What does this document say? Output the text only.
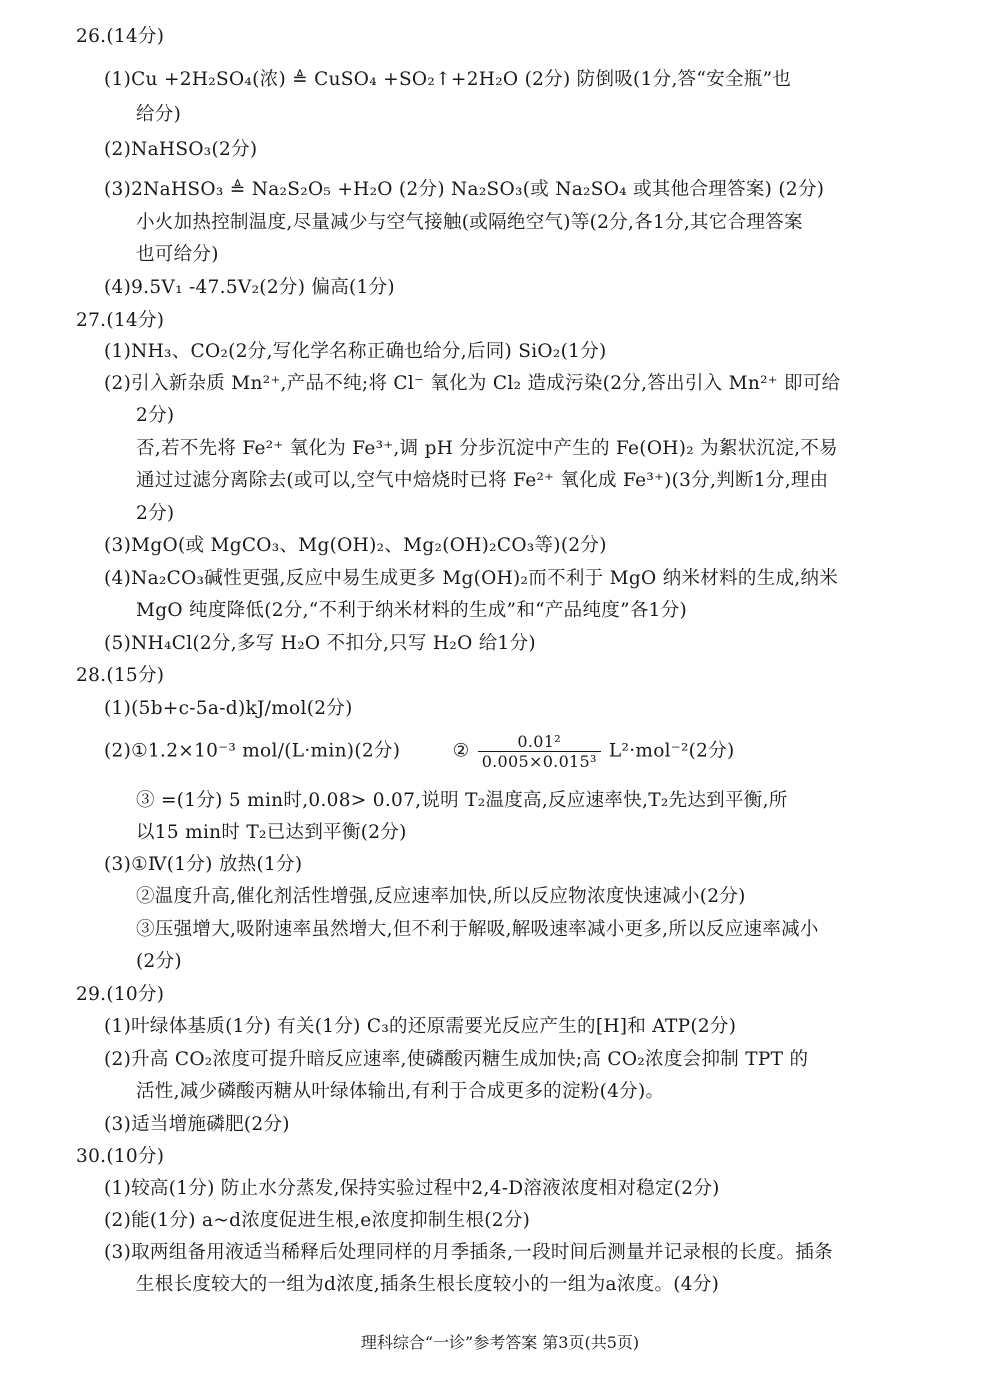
26.(14分)
(1)Cu +2H₂SO₄(浓) ≜ CuSO₄ +SO₂↑+2H₂O (2分) 防倒吸(1分,答“安全瓶”也
给分)
(2)NaHSO₃(2分)
(3)2NaHSO₃ ≜ Na₂S₂O₅ +H₂O (2分) Na₂SO₃(或 Na₂SO₄ 或其他合理答案) (2分)
小火加热控制温度,尽量减少与空气接触(或隔绝空气)等(2分,各1分,其它合理答案
也可给分)
(4)9.5V₁ -47.5V₂(2分) 偏高(1分)
27.(14分)
(1)NH₃、CO₂(2分,写化学名称正确也给分,后同) SiO₂(1分)
(2)引入新杂质 Mn²⁺,产品不纯;将 Cl⁻ 氧化为 Cl₂ 造成污染(2分,答出引入 Mn²⁺ 即可给
2分)
否,若不先将 Fe²⁺ 氧化为 Fe³⁺,调 pH 分步沉淀中产生的 Fe(OH)₂ 为絮状沉淀,不易
通过过滤分离除去(或可以,空气中焙烧时已将 Fe²⁺ 氧化成 Fe³⁺)(3分,判断1分,理由
2分)
(3)MgO(或 MgCO₃、Mg(OH)₂、Mg₂(OH)₂CO₃等)(2分)
(4)Na₂CO₃碱性更强,反应中易生成更多 Mg(OH)₂而不利于 MgO 纳米材料的生成,纳米
MgO 纯度降低(2分,“不利于纳米材料的生成”和“产品纯度”各1分)
(5)NH₄Cl(2分,多写 H₂O 不扣分,只写 H₂O 给1分)
28.(15分)
(1)(5b+c-5a-d)kJ/mol(2分)
③ =(1分) 5 min时,0.08> 0.07,说明 T₂温度高,反应速率快,T₂先达到平衡,所
以15 min时 T₂已达到平衡(2分)
(3)①Ⅳ(1分) 放热(1分)
②温度升高,催化剂活性增强,反应速率加快,所以反应物浓度快速减小(2分)
③压强增大,吸附速率虽然增大,但不利于解吸,解吸速率减小更多,所以反应速率减小
(2分)
29.(10分)
(1)叶绿体基质(1分) 有关(1分) C₃的还原需要光反应产生的[H]和 ATP(2分)
(2)升高 CO₂浓度可提升暗反应速率,使磷酸丙糖生成加快;高 CO₂浓度会抑制 TPT 的
活性,减少磷酸丙糖从叶绿体输出,有利于合成更多的淀粉(4分)。
(3)适当增施磷肥(2分)
30.(10分)
(1)较高(1分) 防止水分蒸发,保持实验过程中2,4-D溶液浓度相对稳定(2分)
(2)能(1分) a~d浓度促进生根,e浓度抑制生根(2分)
(3)取两组备用液适当稀释后处理同样的月季插条,一段时间后测量并记录根的长度。插条
生根长度较大的一组为d浓度,插条生根长度较小的一组为a浓度。(4分)
(2)①1.2×10⁻³ mol/(L·min)(2分)	② $\frac{\text{0.01²}}{\text{0.005×0.015³}} L^2\cdot mol^{-2}(2$分)
理科综合“一诊”参考答案 第3页(共5页)
